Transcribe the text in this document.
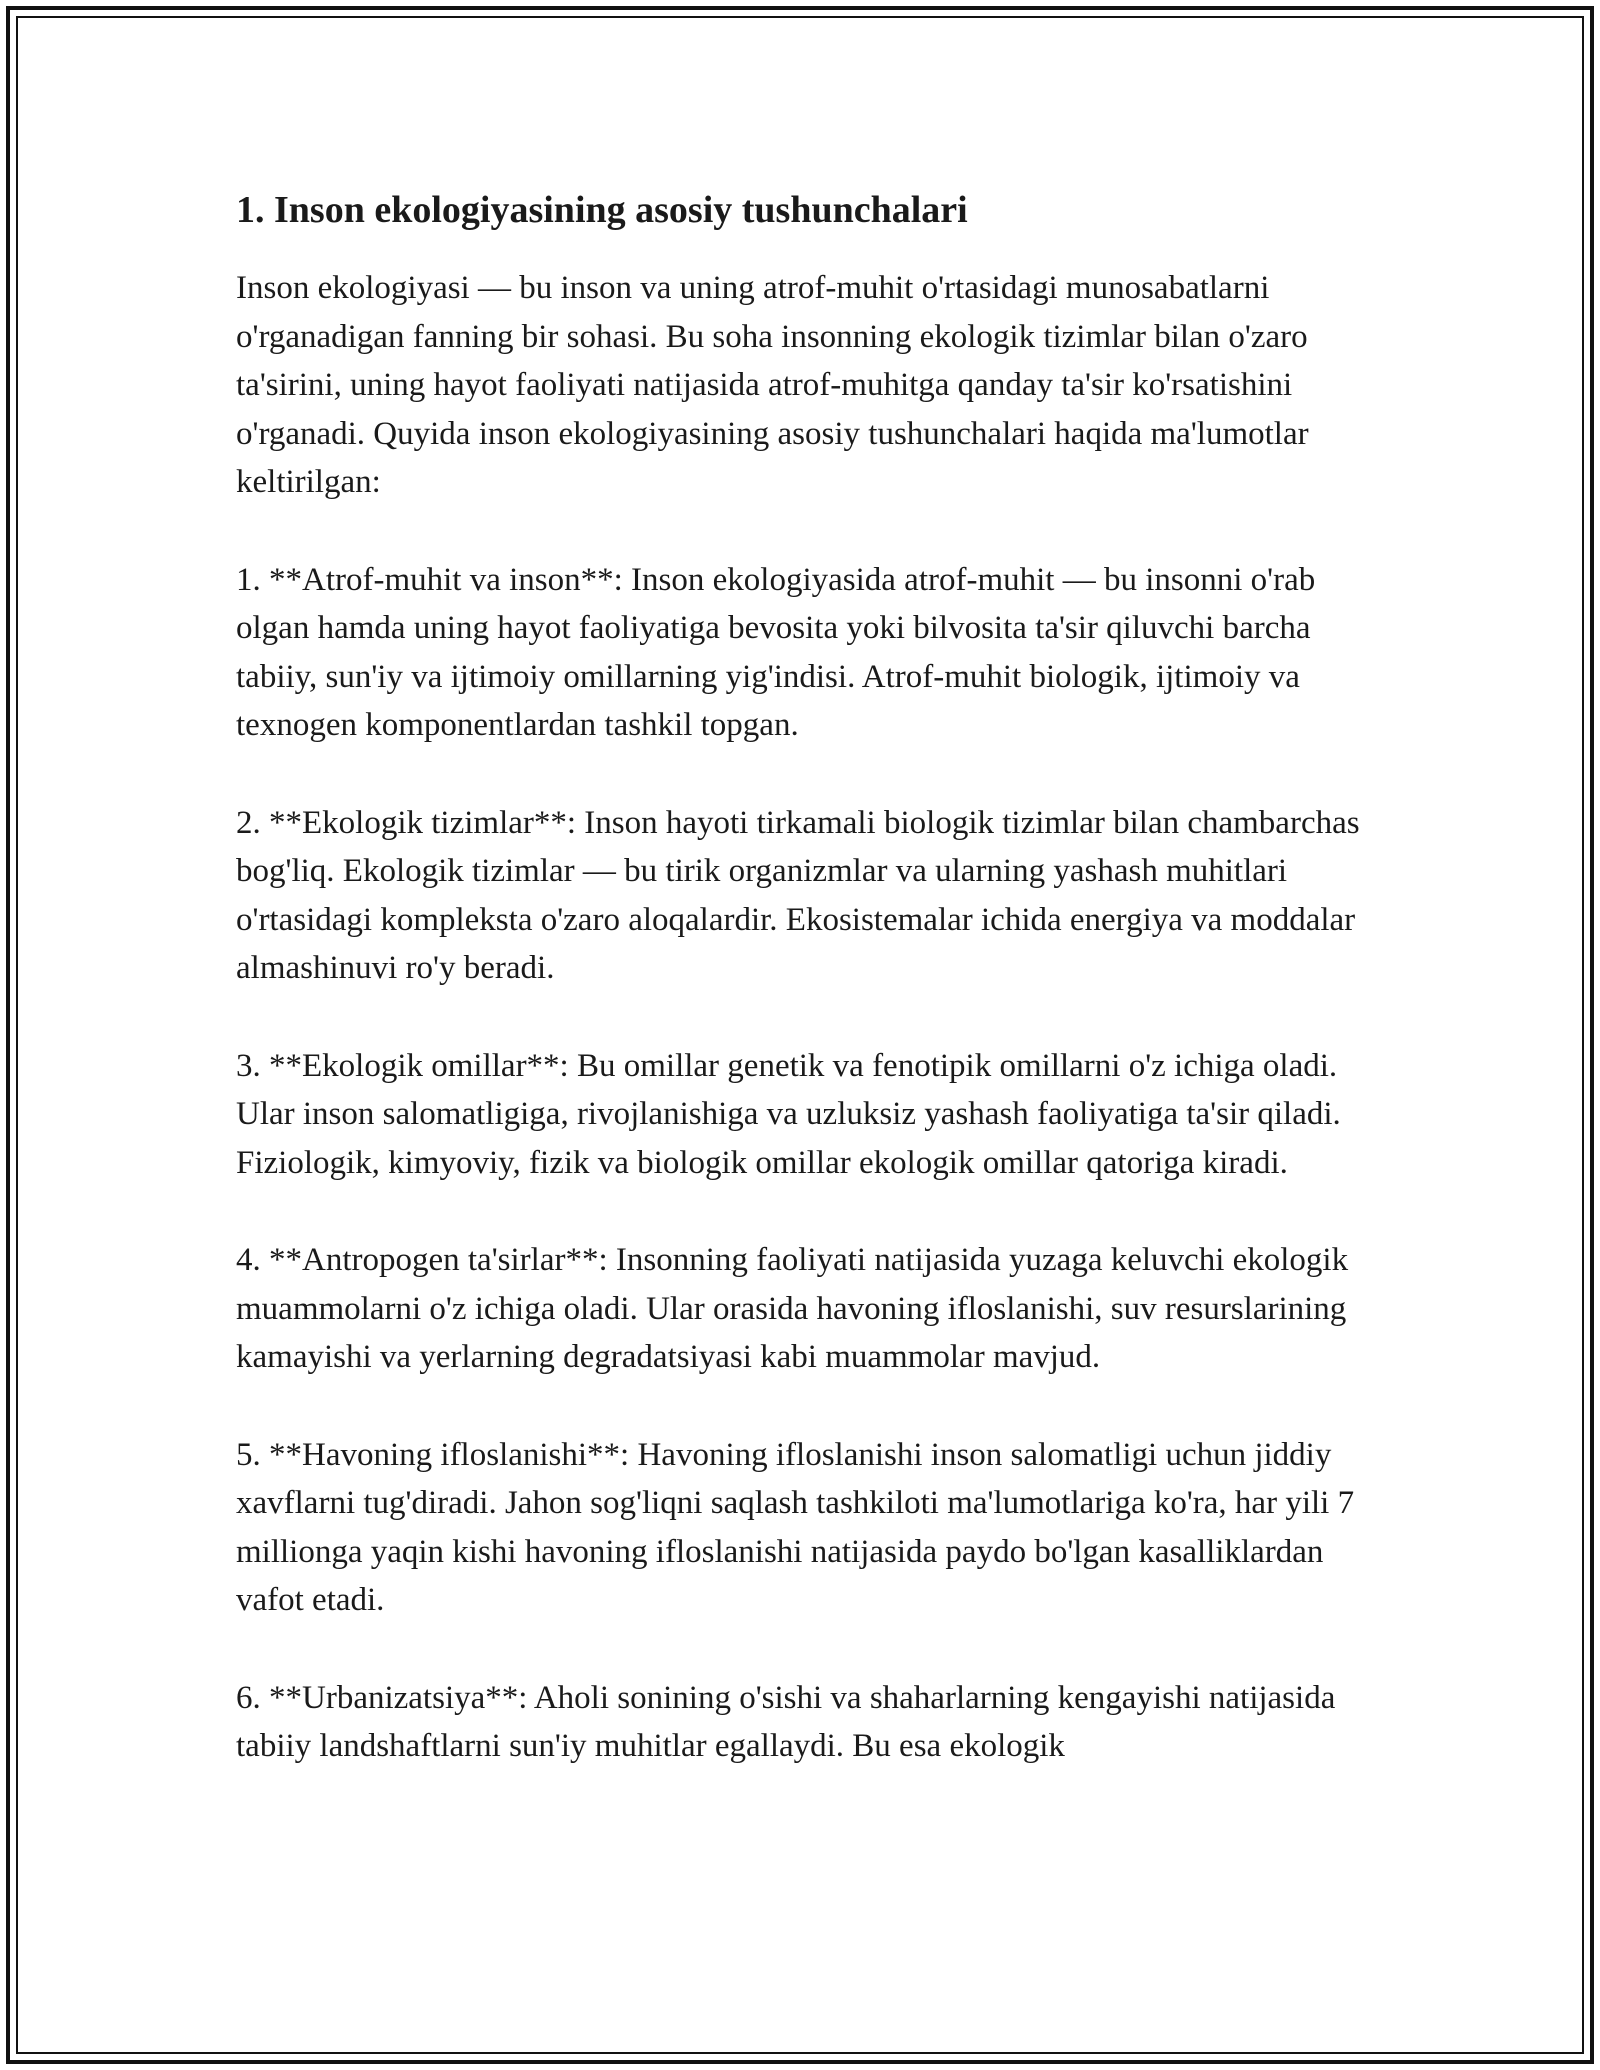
1. Inson ekologiyasining asosiy tushunchalari

Inson ekologiyasi — bu inson va uning atrof-muhit o'rtasidagi munosabatlarni o'rganadigan fanning bir sohasi. Bu soha insonning ekologik tizimlar bilan o'zaro ta'sirini, uning hayot faoliyati natijasida atrof-muhitga qanday ta'sir ko'rsatishini o'rganadi. Quyida inson ekologiyasining asosiy tushunchalari haqida ma'lumotlar keltirilgan:

1. **Atrof-muhit va inson**: Inson ekologiyasida atrof-muhit — bu insonni o'rab olgan hamda uning hayot faoliyatiga bevosita yoki bilvosita ta'sir qiluvchi barcha tabiiy, sun'iy va ijtimoiy omillarning yig'indisi. Atrof-muhit biologik, ijtimoiy va texnogen komponentlardan tashkil topgan.

2. **Ekologik tizimlar**: Inson hayoti tirkamali biologik tizimlar bilan chambarchas bog'liq. Ekologik tizimlar — bu tirik organizmlar va ularning yashash muhitlari o'rtasidagi kompleksta o'zaro aloqalardir. Ekosistemalar ichida energiya va moddalar almashinuvi ro'y beradi.

3. **Ekologik omillar**: Bu omillar genetik va fenotipik omillarni o'z ichiga oladi. Ular inson salomatligiga, rivojlanishiga va uzluksiz yashash faoliyatiga ta'sir qiladi. Fiziologik, kimyoviy, fizik va biologik omillar ekologik omillar qatoriga kiradi.

4. **Antropogen ta'sirlar**: Insonning faoliyati natijasida yuzaga keluvchi ekologik muammolarni o'z ichiga oladi. Ular orasida havoning ifloslanishi, suv resurslarining kamayishi va yerlarning degradatsiyasi kabi muammolar mavjud.

5. **Havoning ifloslanishi**: Havoning ifloslanishi inson salomatligi uchun jiddiy xavflarni tug'diradi. Jahon sog'liqni saqlash tashkiloti ma'lumotlariga ko'ra, har yili 7 millionga yaqin kishi havoning ifloslanishi natijasida paydo bo'lgan kasalliklardan vafot etadi.

6. **Urbanizatsiya**: Aholi sonining o'sishi va shaharlarning kengayishi natijasida tabiiy landshaftlarni sun'iy muhitlar egallaydi. Bu esa ekologik
